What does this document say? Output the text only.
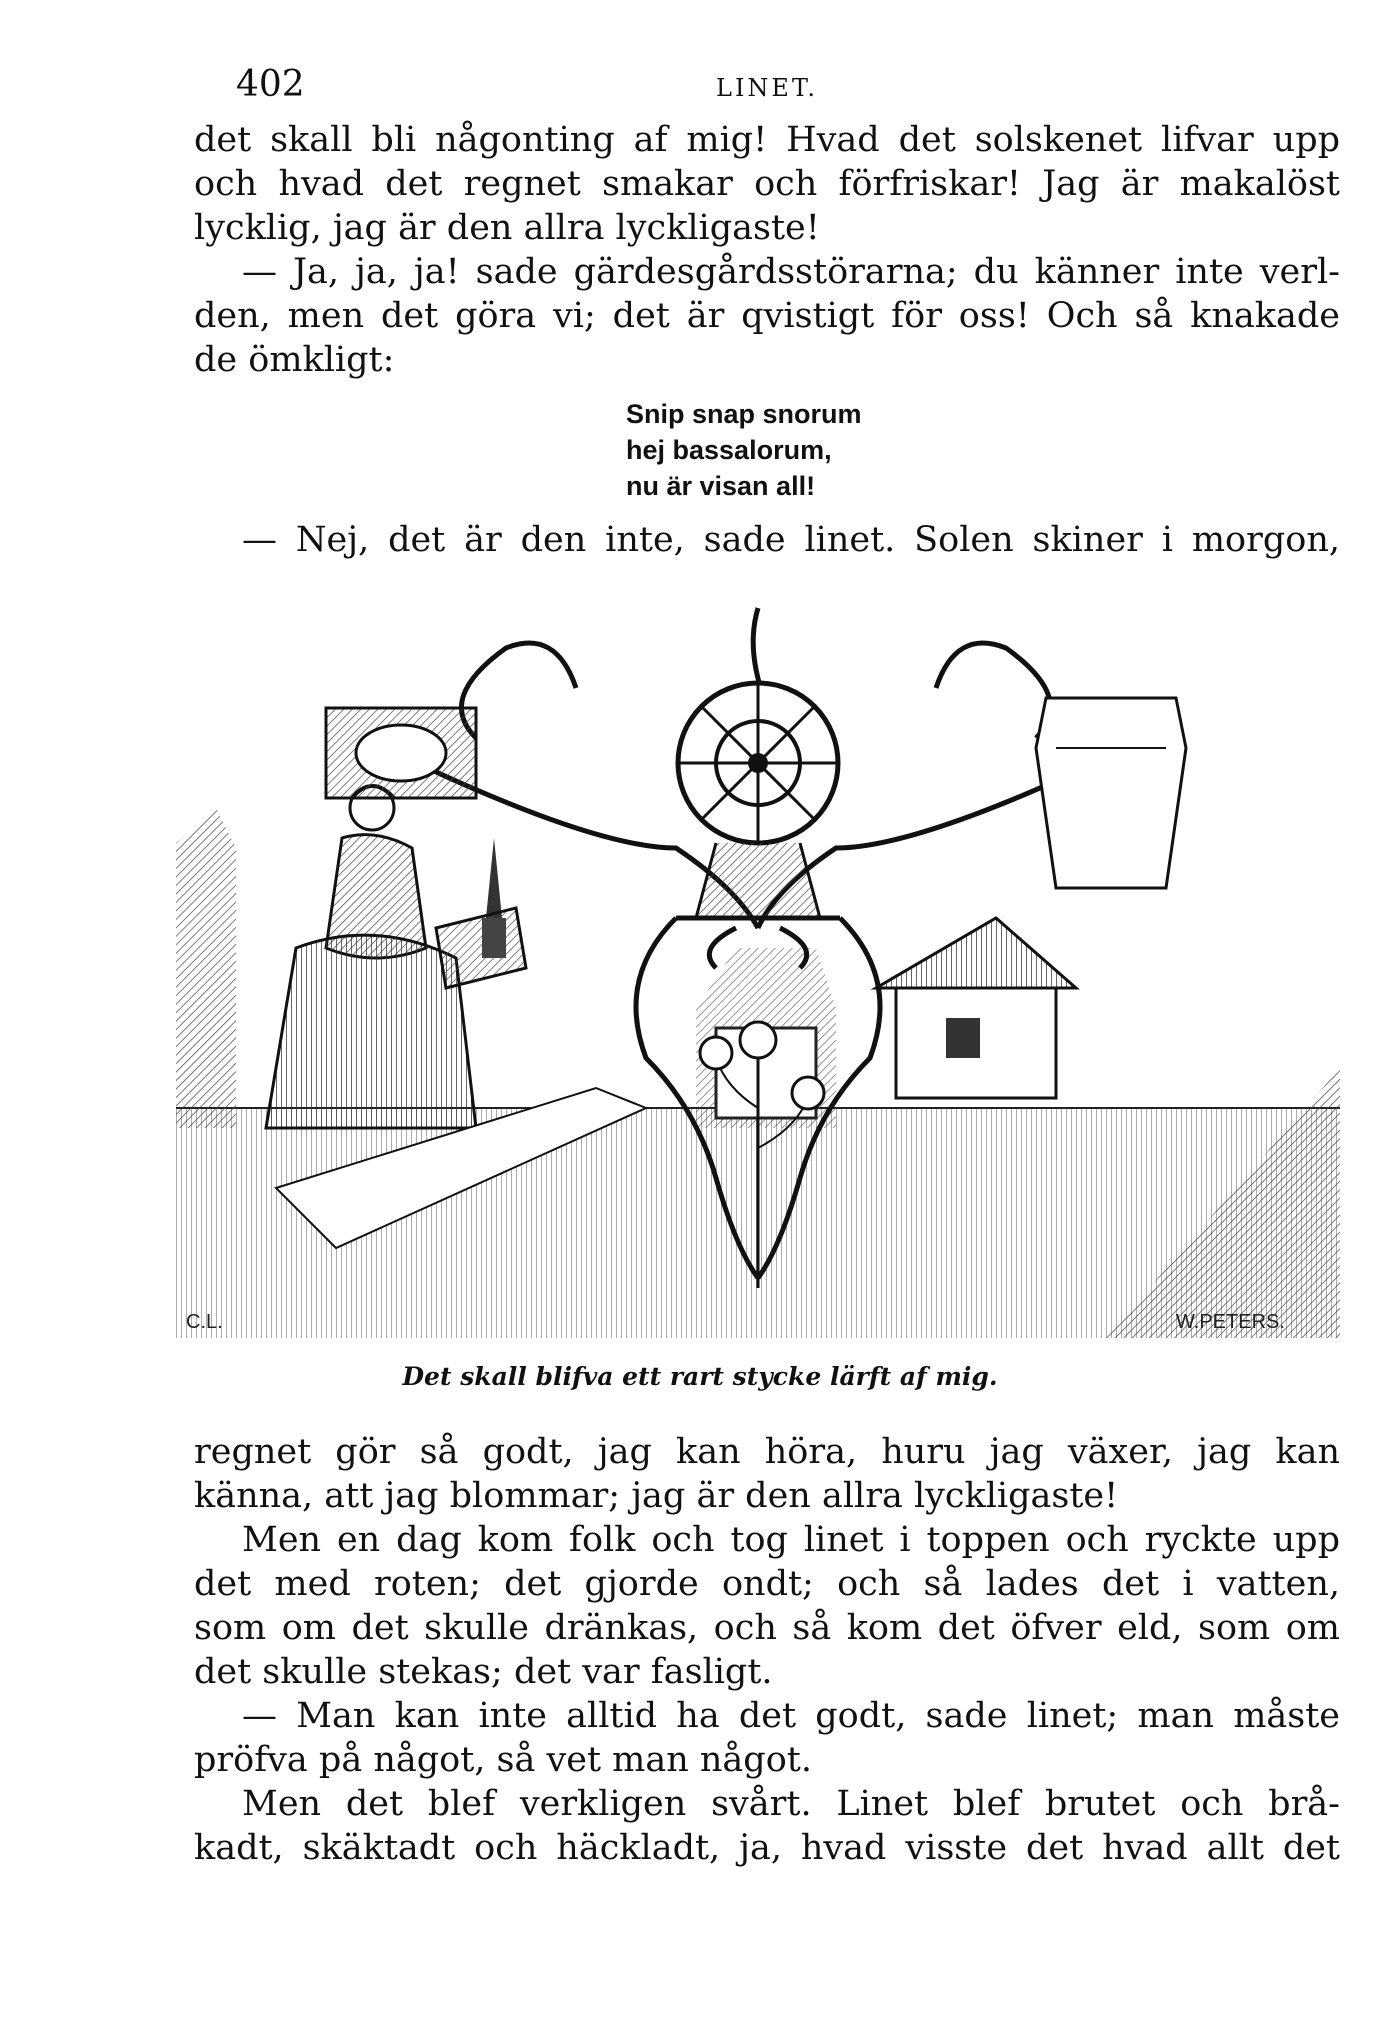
402	LINET.
det skall bli någonting af mig! Hvad det solskenet lifvar upp
och hvad det regnet smakar och förfriskar! Jag är makalöst
lycklig, jag är den allra lyckligaste!
— Ja, ja, ja! sade gärdesgårdsstörarna; du känner inte verl-
den, men det göra vi; det är qvistigt för oss! Och så knakade
de ömkligt:
Snip snap snorum
hej bassalorum,
nu är visan all!
— Nej, det är den inte, sade linet. Solen skiner i morgon,
C.L.	W.PETERS.
Det skall blifva ett rart stycke lärft af mig.
regnet gör så godt, jag kan höra, huru jag växer, jag kan
känna, att jag blommar; jag är den allra lyckligaste!
Men en dag kom folk och tog linet i toppen och ryckte upp
det med roten; det gjorde ondt; och så lades det i vatten,
som om det skulle dränkas, och så kom det öfver eld, som om
det skulle stekas; det var fasligt.
— Man kan inte alltid ha det godt, sade linet; man måste
pröfva på något, så vet man något.
Men det blef verkligen svårt. Linet blef brutet och brå-
kadt, skäktadt och häckladt, ja, hvad visste det hvad allt det
